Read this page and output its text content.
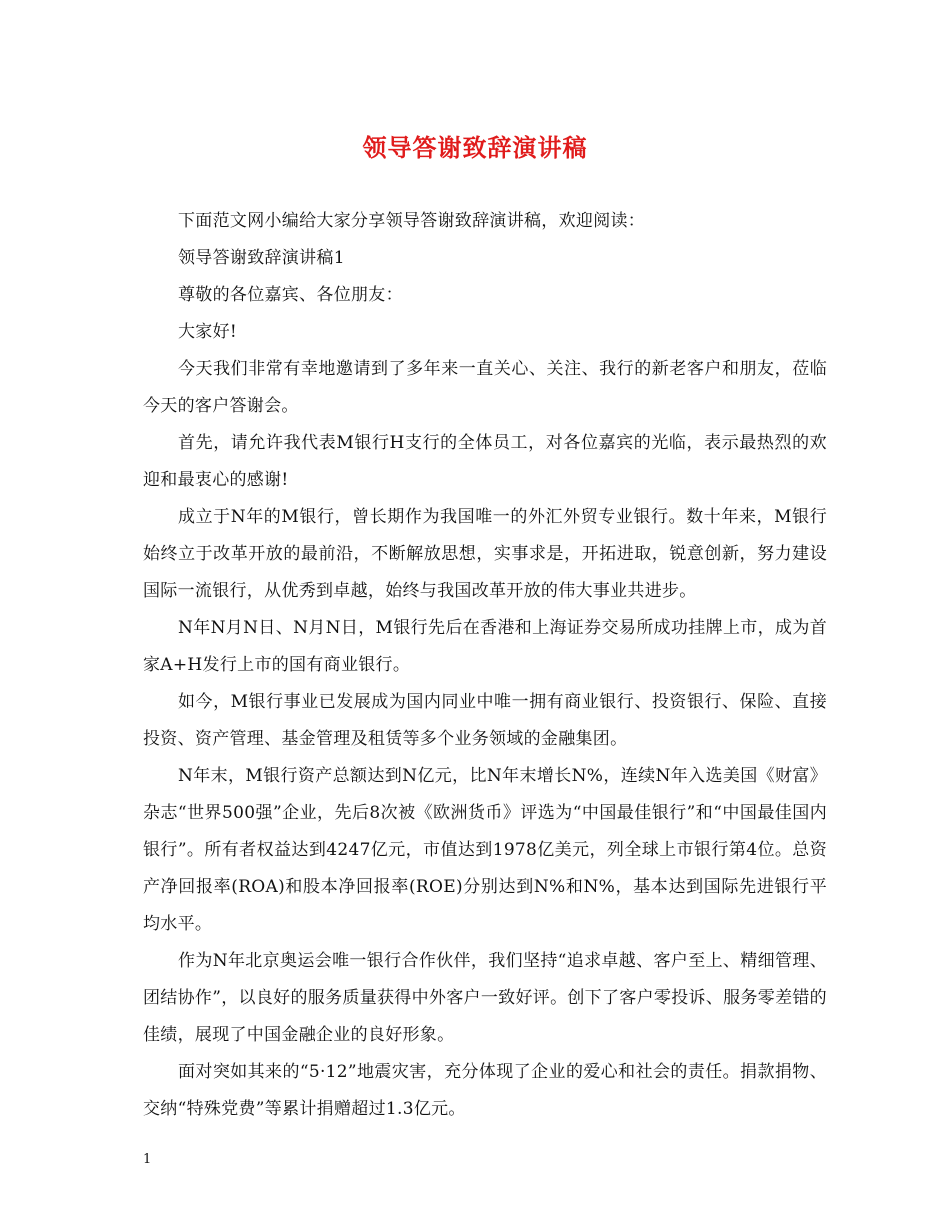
领导答谢致辞演讲稿

下面范文网小编给大家分享领导答谢致辞演讲稿，欢迎阅读：

领导答谢致辞演讲稿1

尊敬的各位嘉宾、各位朋友：

大家好!

今天我们非常有幸地邀请到了多年来一直关心、关注、我行的新老客户和朋友，莅临今天的客户答谢会。

首先，请允许我代表M银行H支行的全体员工，对各位嘉宾的光临，表示最热烈的欢迎和最衷心的感谢!

成立于N年的M银行，曾长期作为我国唯一的外汇外贸专业银行。数十年来，M银行始终立于改革开放的最前沿，不断解放思想，实事求是，开拓进取，锐意创新，努力建设国际一流银行，从优秀到卓越，始终与我国改革开放的伟大事业共进步。

N年N月N日、N月N日，M银行先后在香港和上海证券交易所成功挂牌上市，成为首家A+H发行上市的国有商业银行。

如今，M银行事业已发展成为国内同业中唯一拥有商业银行、投资银行、保险、直接投资、资产管理、基金管理及租赁等多个业务领域的金融集团。

N年末，M银行资产总额达到N亿元，比N年末增长N%，连续N年入选美国《财富》杂志“世界500强”企业，先后8次被《欧洲货币》评选为“中国最佳银行”和“中国最佳国内银行”。所有者权益达到4247亿元，市值达到1978亿美元，列全球上市银行第4位。总资产净回报率(ROA)和股本净回报率(ROE)分别达到N%和N%，基本达到国际先进银行平均水平。

作为N年北京奥运会唯一银行合作伙伴，我们坚持“追求卓越、客户至上、精细管理、团结协作”，以良好的服务质量获得中外客户一致好评。创下了客户零投诉、服务零差错的佳绩，展现了中国金融企业的良好形象。

面对突如其来的“5·12”地震灾害，充分体现了企业的爱心和社会的责任。捐款捐物、交纳“特殊党费”等累计捐赠超过1.3亿元。

1
